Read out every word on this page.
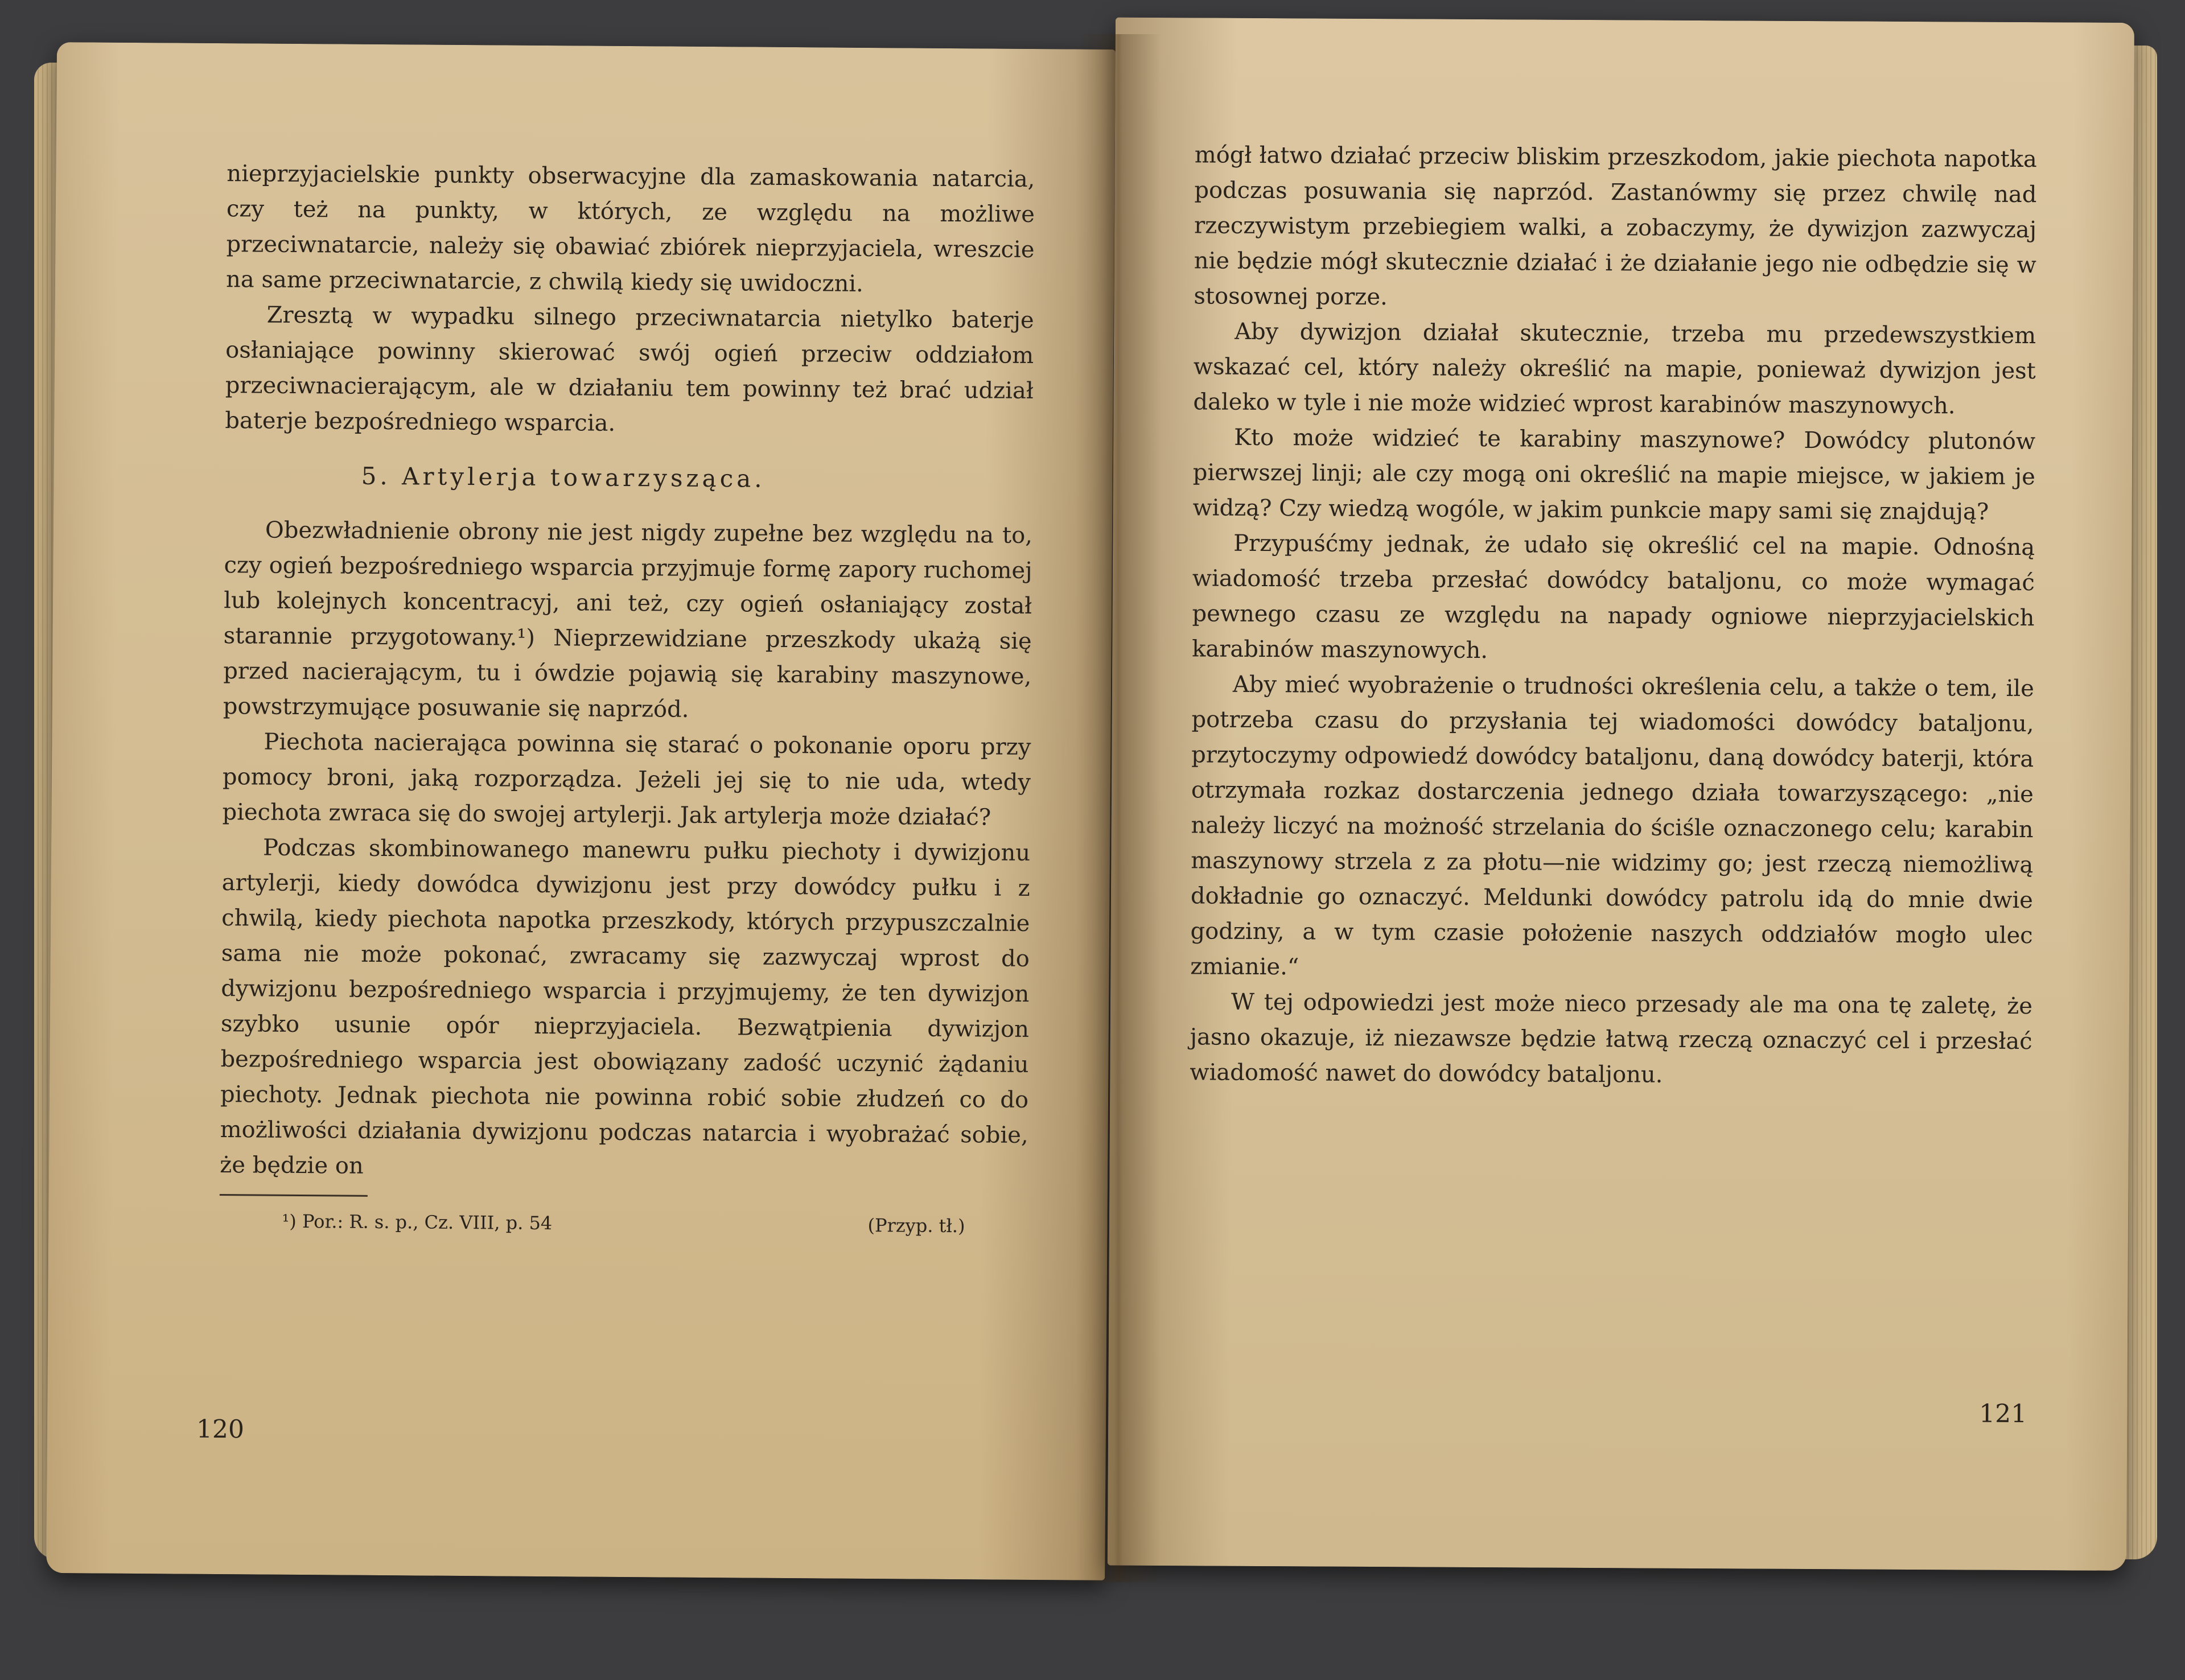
nieprzyjacielskie punkty obserwacyjne dla zamaskowania natarcia, czy też na punkty, w których, ze względu na możliwe przeciwnatarcie, należy się obawiać zbiórek nieprzyjaciela, wreszcie na same przeciwnatarcie, z chwilą kiedy się uwidoczni.

Zresztą w wypadku silnego przeciwnatarcia nietylko baterje osłaniające powinny skierować swój ogień przeciw oddziałom przeciwnacierającym, ale w działaniu tem powinny też brać udział baterje bezpośredniego wsparcia.

5. Artylerja towarzysząca.

Obezwładnienie obrony nie jest nigdy zupełne bez względu na to, czy ogień bezpośredniego wsparcia przyjmuje formę zapory ruchomej lub kolejnych koncentracyj, ani też, czy ogień osłaniający został starannie przygotowany.¹) Nieprzewidziane przeszkody ukażą się przed nacierającym, tu i ówdzie pojawią się karabiny maszynowe, powstrzymujące posuwanie się naprzód.

Piechota nacierająca powinna się starać o pokonanie oporu przy pomocy broni, jaką rozporządza. Jeżeli jej się to nie uda, wtedy piechota zwraca się do swojej artylerji. Jak artylerja może działać?

Podczas skombinowanego manewru pułku piechoty i dywizjonu artylerji, kiedy dowódca dywizjonu jest przy dowódcy pułku i z chwilą, kiedy piechota napotka przeszkody, których przypuszczalnie sama nie może pokonać, zwracamy się zazwyczaj wprost do dywizjonu bezpośredniego wsparcia i przyjmujemy, że ten dywizjon szybko usunie opór nieprzyjaciela. Bezwątpienia dywizjon bezpośredniego wsparcia jest obowiązany zadość uczynić żądaniu piechoty. Jednak piechota nie powinna robić sobie złudzeń co do możliwości działania dywizjonu podczas natarcia i wyobrażać sobie, że będzie on

¹) Por.: R. s. p., Cz. VIII, p. 54	(Przyp. tł.)
120

mógł łatwo działać przeciw bliskim przeszkodom, jakie piechota napotka podczas posuwania się naprzód. Zastanówmy się przez chwilę nad rzeczywistym przebiegiem walki, a zobaczymy, że dywizjon zazwyczaj nie będzie mógł skutecznie działać i że działanie jego nie odbędzie się w stosownej porze.

Aby dywizjon działał skutecznie, trzeba mu przedewszystkiem wskazać cel, który należy określić na mapie, ponieważ dywizjon jest daleko w tyle i nie może widzieć wprost karabinów maszynowych.

Kto może widzieć te karabiny maszynowe? Dowódcy plutonów pierwszej linji; ale czy mogą oni określić na mapie miejsce, w jakiem je widzą? Czy wiedzą wogóle, w jakim punkcie mapy sami się znajdują?

Przypuśćmy jednak, że udało się określić cel na mapie. Odnośną wiadomość trzeba przesłać dowódcy bataljonu, co może wymagać pewnego czasu ze względu na napady ogniowe nieprzyjacielskich karabinów maszynowych.

Aby mieć wyobrażenie o trudności określenia celu, a także o tem, ile potrzeba czasu do przysłania tej wiadomości dowódcy bataljonu, przytoczymy odpowiedź dowódcy bataljonu, daną dowódcy baterji, która otrzymała rozkaz dostarczenia jednego działa towarzyszącego: „nie należy liczyć na możność strzelania do ściśle oznaczonego celu; karabin maszynowy strzela z za płotu—nie widzimy go; jest rzeczą niemożliwą dokładnie go oznaczyć. Meldunki dowódcy patrolu idą do mnie dwie godziny, a w tym czasie położenie naszych oddziałów mogło ulec zmianie.“

W tej odpowiedzi jest może nieco przesady ale ma ona tę zaletę, że jasno okazuje, iż niezawsze będzie łatwą rzeczą oznaczyć cel i przesłać wiadomość nawet do dowódcy bataljonu.

121
